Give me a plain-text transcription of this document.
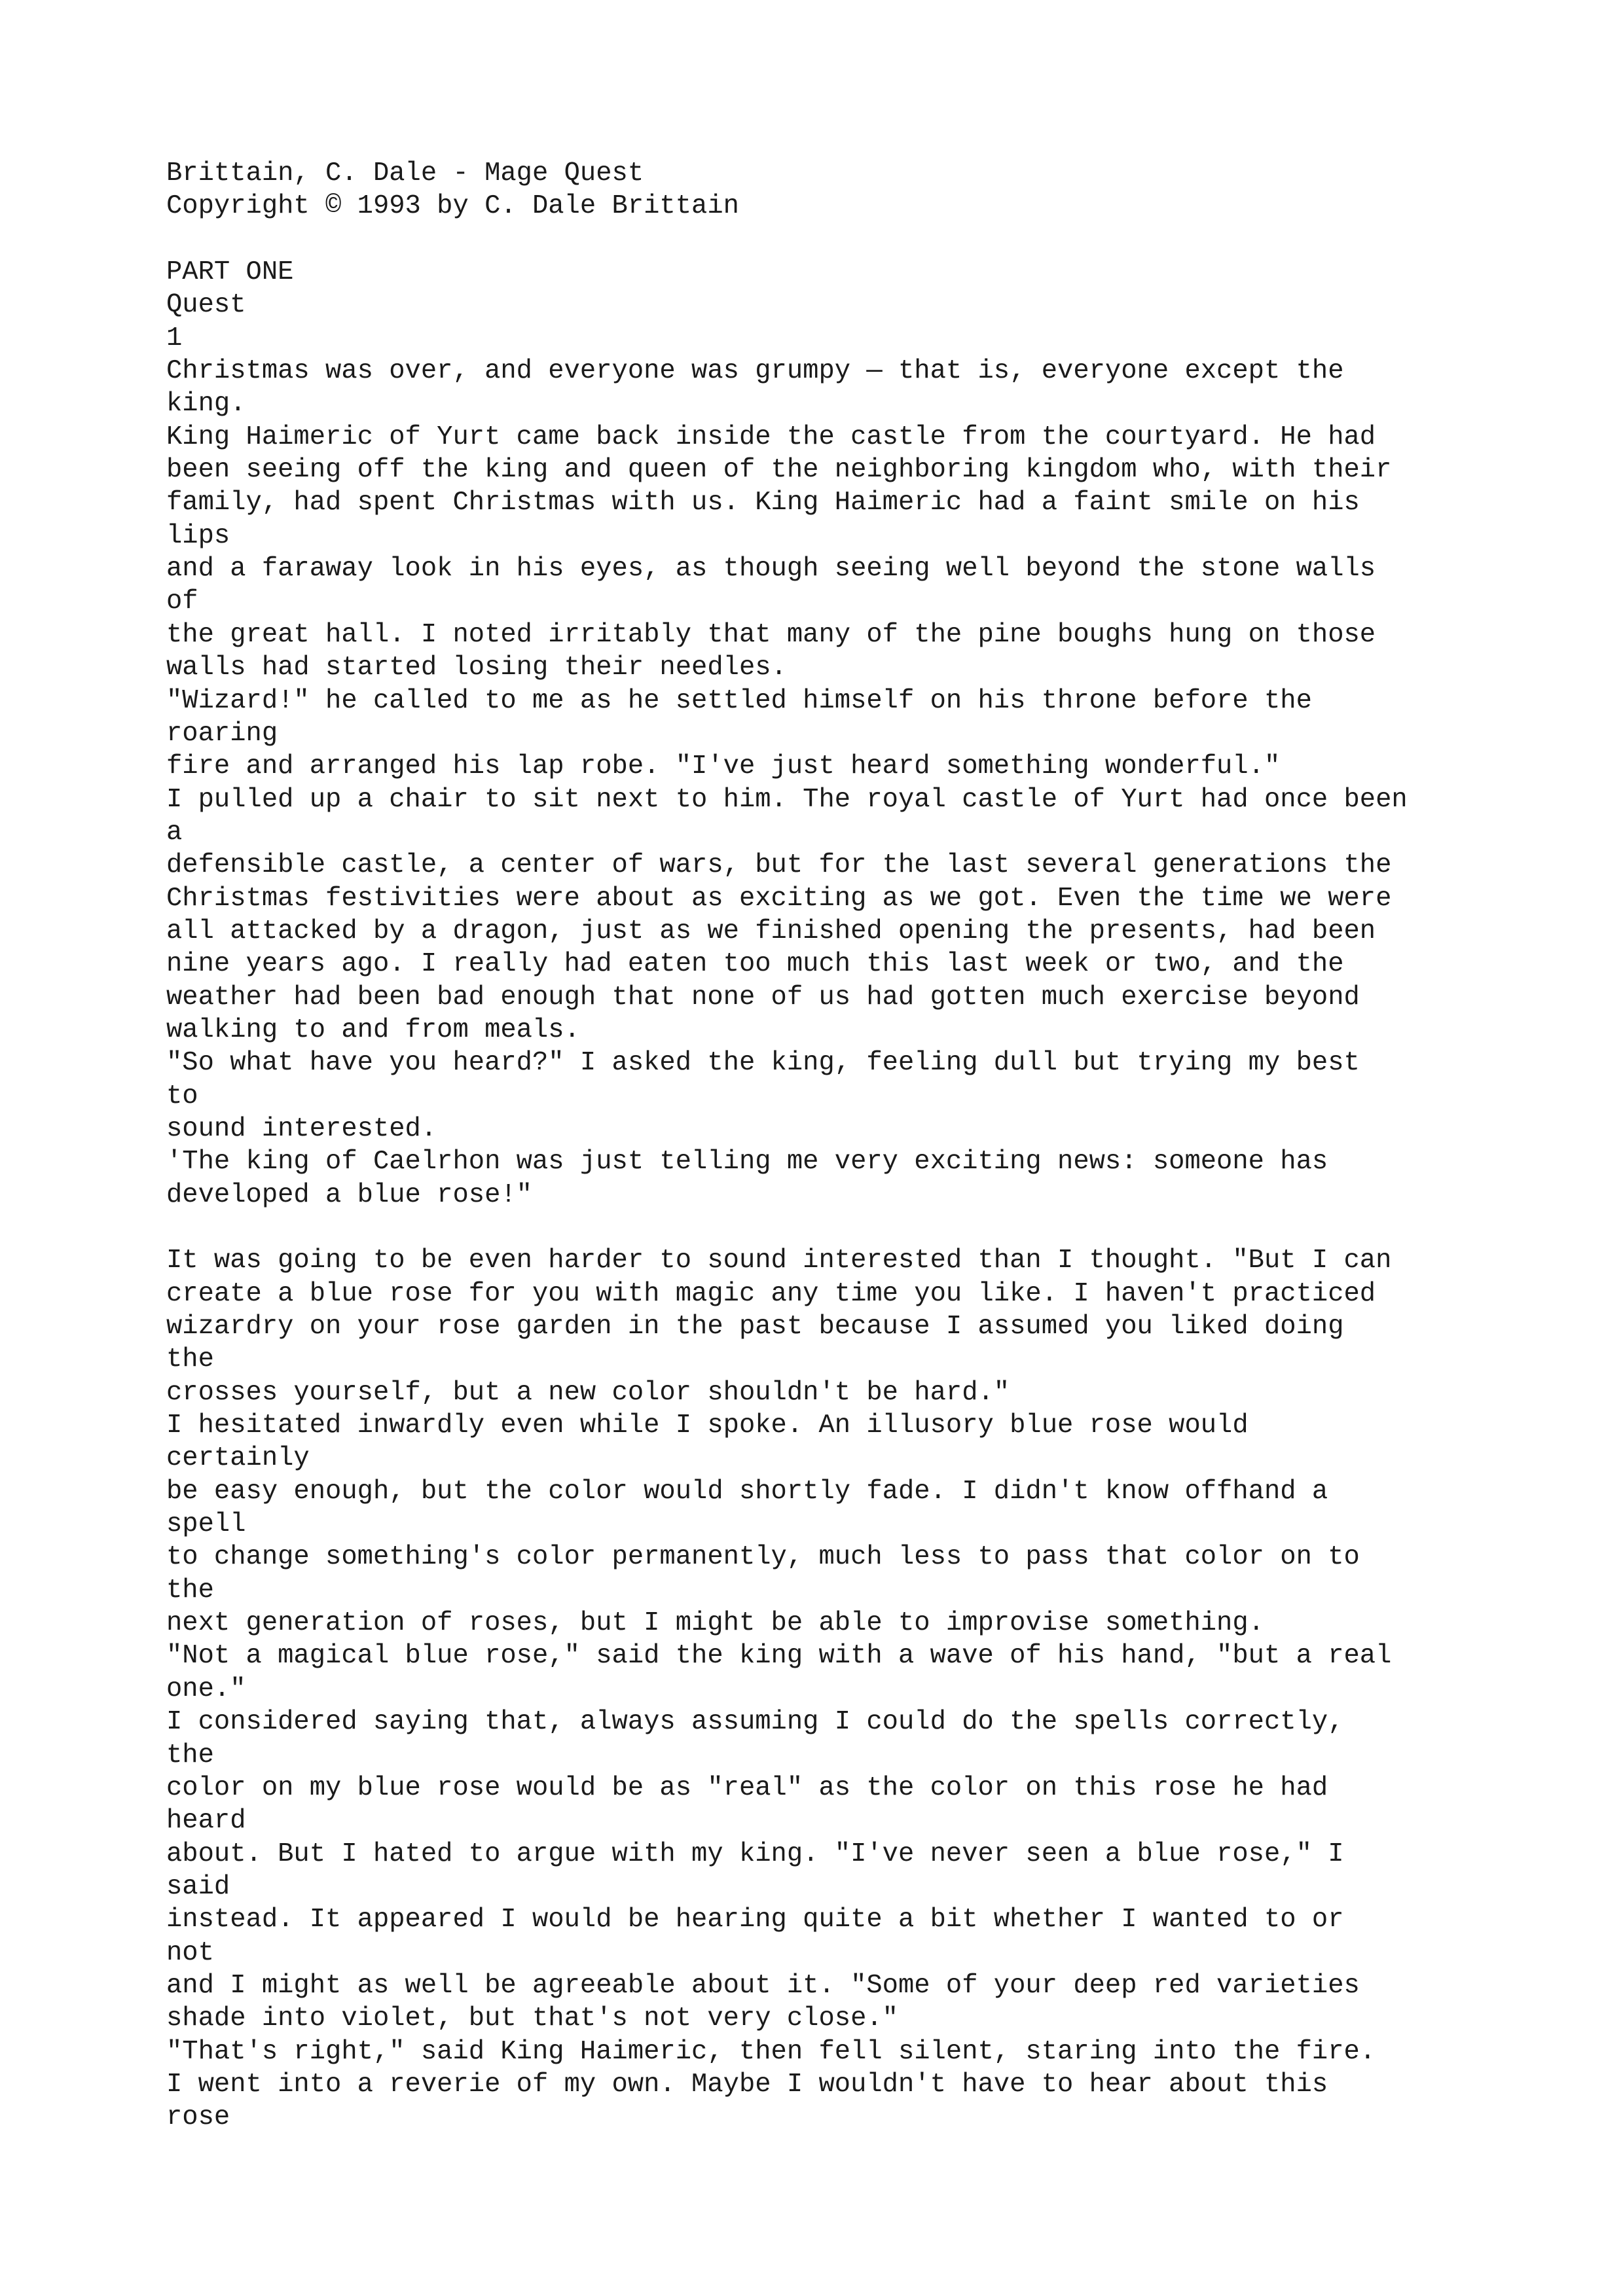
Brittain, C. Dale - Mage Quest
Copyright © 1993 by C. Dale Brittain
PART ONE
Quest
1
Christmas was over, and everyone was grumpy — that is, everyone except the
king.
King Haimeric of Yurt came back inside the castle from the courtyard. He had
been seeing off the king and queen of the neighboring kingdom who, with their
family, had spent Christmas with us. King Haimeric had a faint smile on his
lips
and a faraway look in his eyes, as though seeing well beyond the stone walls
of
the great hall. I noted irritably that many of the pine boughs hung on those
walls had started losing their needles.
"Wizard!" he called to me as he settled himself on his throne before the
roaring
fire and arranged his lap robe. "I've just heard something wonderful."
I pulled up a chair to sit next to him. The royal castle of Yurt had once been
a
defensible castle, a center of wars, but for the last several generations the
Christmas festivities were about as exciting as we got. Even the time we were
all attacked by a dragon, just as we finished opening the presents, had been
nine years ago. I really had eaten too much this last week or two, and the
weather had been bad enough that none of us had gotten much exercise beyond
walking to and from meals.
"So what have you heard?" I asked the king, feeling dull but trying my best
to
sound interested.
'The king of Caelrhon was just telling me very exciting news: someone has
developed a blue rose!"
It was going to be even harder to sound interested than I thought. "But I can
create a blue rose for you with magic any time you like. I haven't practiced
wizardry on your rose garden in the past because I assumed you liked doing
the
crosses yourself, but a new color shouldn't be hard."
I hesitated inwardly even while I spoke. An illusory blue rose would
certainly
be easy enough, but the color would shortly fade. I didn't know offhand a
spell
to change something's color permanently, much less to pass that color on to
the
next generation of roses, but I might be able to improvise something.
"Not a magical blue rose," said the king with a wave of his hand, "but a real
one."
I considered saying that, always assuming I could do the spells correctly,
the
color on my blue rose would be as "real" as the color on this rose he had
heard
about. But I hated to argue with my king. "I've never seen a blue rose," I
said
instead. It appeared I would be hearing quite a bit whether I wanted to or
not
and I might as well be agreeable about it. "Some of your deep red varieties
shade into violet, but that's not very close."
"That's right," said King Haimeric, then fell silent, staring into the fire.
I went into a reverie of my own. Maybe I wouldn't have to hear about this
rose
